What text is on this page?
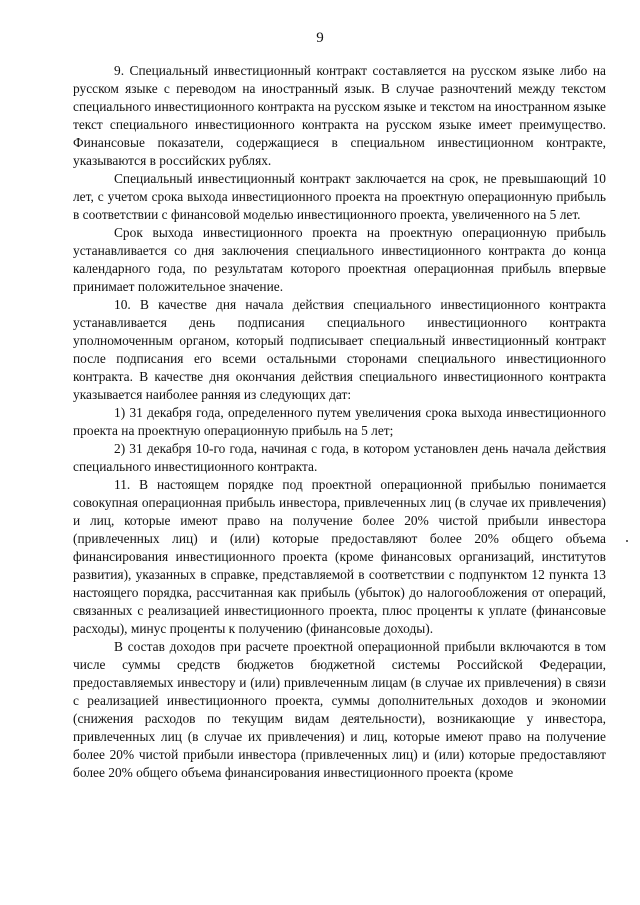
9

9. Специальный инвестиционный контракт составляется на русском языке либо на русском языке с переводом на иностранный язык. В случае разночтений между текстом специального инвестиционного контракта на русском языке и текстом на иностранном языке текст специального инвестиционного контракта на русском языке имеет преимущество. Финансовые показатели, содержащиеся в специальном инвестиционном контракте, указываются в российских рублях.

Специальный инвестиционный контракт заключается на срок, не превышающий 10 лет, с учетом срока выхода инвестиционного проекта на проектную операционную прибыль в соответствии с финансовой моделью инвестиционного проекта, увеличенного на 5 лет.

Срок выхода инвестиционного проекта на проектную операционную прибыль устанавливается со дня заключения специального инвестиционного контракта до конца календарного года, по результатам которого проектная операционная прибыль впервые принимает положительное значение.

10. В качестве дня начала действия специального инвестиционного контракта устанавливается день подписания специального инвестиционного контракта уполномоченным органом, который подписывает специальный инвестиционный контракт после подписания его всеми остальными сторонами специального инвестиционного контракта. В качестве дня окончания действия специального инвестиционного контракта указывается наиболее ранняя из следующих дат:

1) 31 декабря года, определенного путем увеличения срока выхода инвестиционного проекта на проектную операционную прибыль на 5 лет;

2) 31 декабря 10-го года, начиная с года, в котором установлен день начала действия специального инвестиционного контракта.

11. В настоящем порядке под проектной операционной прибылью понимается совокупная операционная прибыль инвестора, привлеченных лиц (в случае их привлечения) и лиц, которые имеют право на получение более 20% чистой прибыли инвестора (привлеченных лиц) и (или) которые предоставляют более 20% общего объема финансирования инвестиционного проекта (кроме финансовых организаций, институтов развития), указанных в справке, представляемой в соответствии с подпунктом 12 пункта 13 настоящего порядка, рассчитанная как прибыль (убыток) до налогообложения от операций, связанных с реализацией инвестиционного проекта, плюс проценты к уплате (финансовые расходы), минус проценты к получению (финансовые доходы).

В состав доходов при расчете проектной операционной прибыли включаются в том числе суммы средств бюджетов бюджетной системы Российской Федерации, предоставляемых инвестору и (или) привлеченным лицам (в случае их привлечения) в связи с реализацией инвестиционного проекта, суммы дополнительных доходов и экономии (снижения расходов по текущим видам деятельности), возникающие у инвестора, привлеченных лиц (в случае их привлечения) и лиц, которые имеют право на получение более 20% чистой прибыли инвестора (привлеченных лиц) и (или) которые предоставляют более 20% общего объема финансирования инвестиционного проекта (кроме
